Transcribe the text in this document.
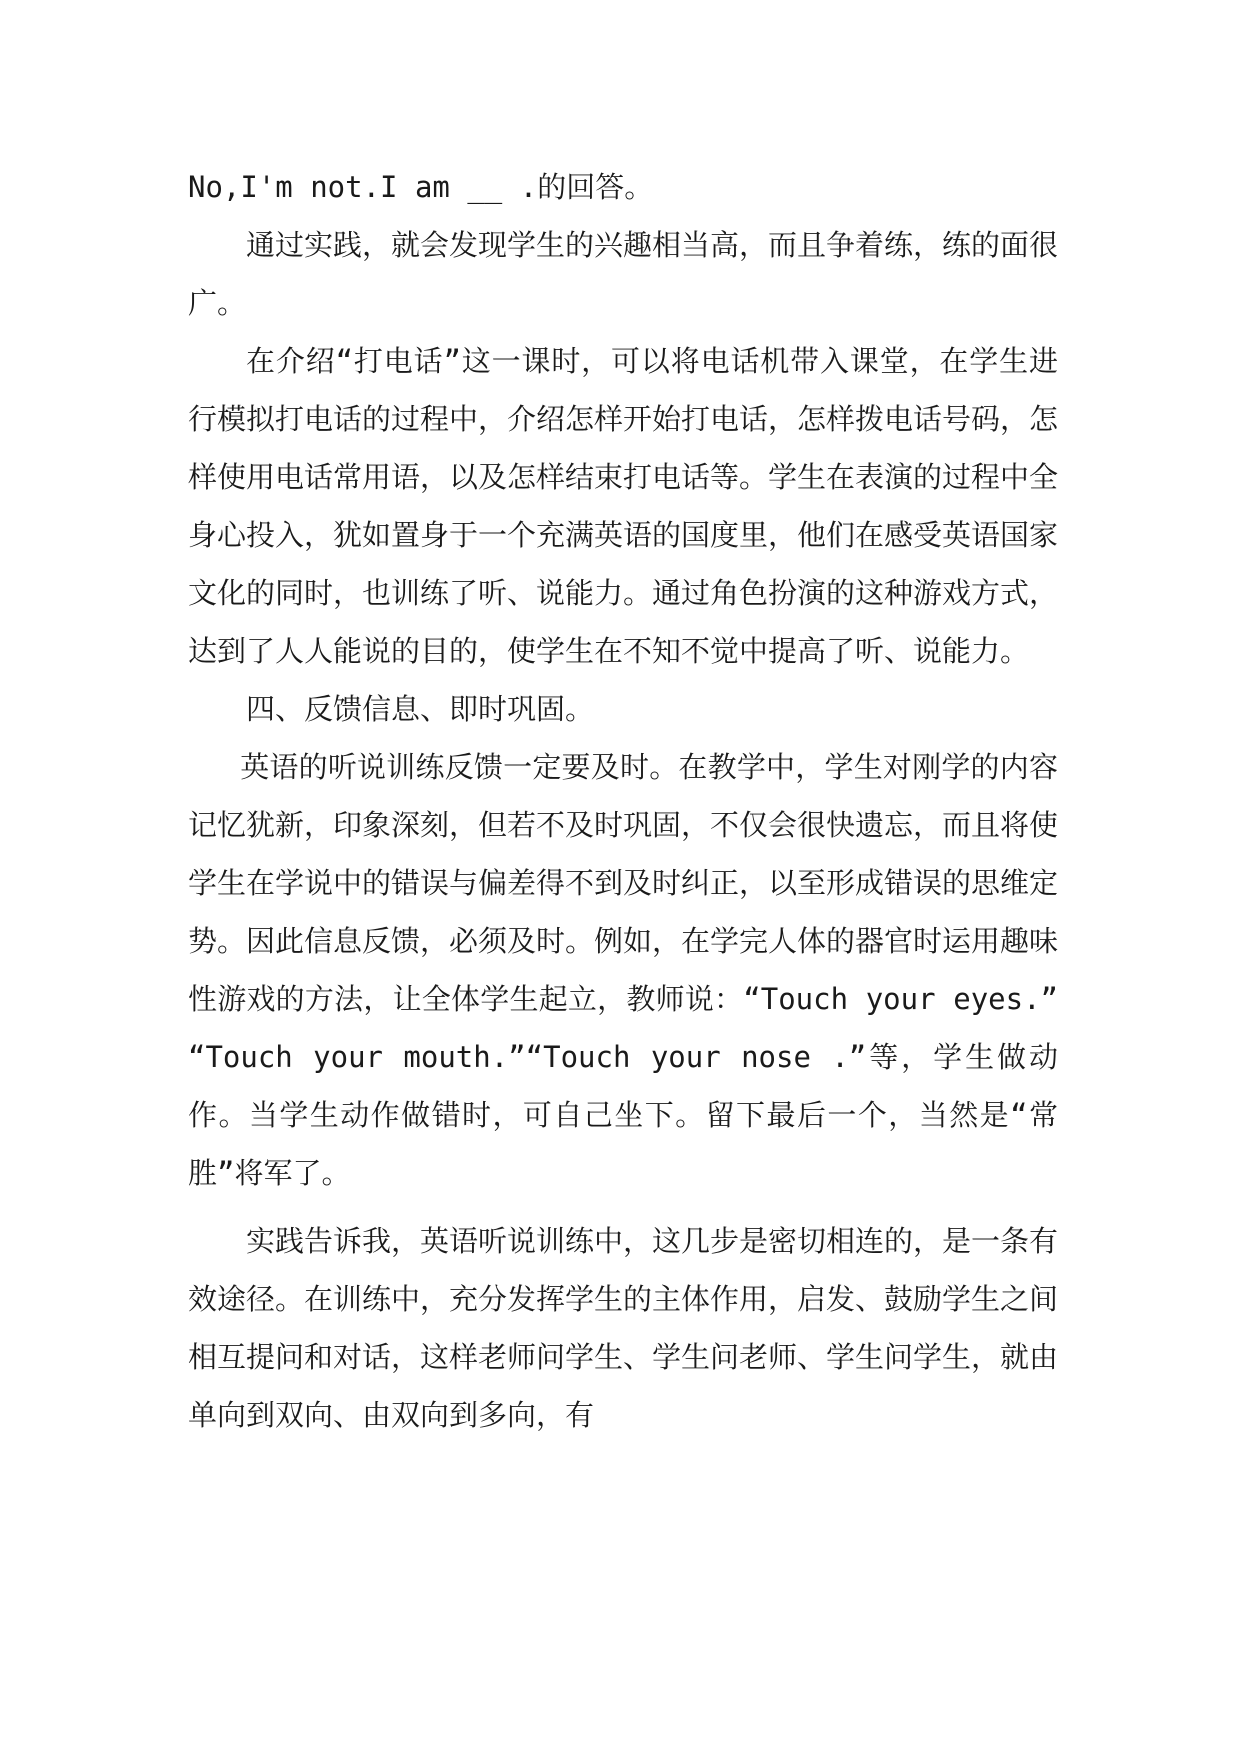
No,I'm not.I am __ .的回答。

通过实践，就会发现学生的兴趣相当高，而且争着练，练的面很广。

在介绍“打电话”这一课时，可以将电话机带入课堂，在学生进行模拟打电话的过程中，介绍怎样开始打电话，怎样拨电话号码，怎样使用电话常用语，以及怎样结束打电话等。学生在表演的过程中全身心投入，犹如置身于一个充满英语的国度里，他们在感受英语国家文化的同时，也训练了听、说能力。通过角色扮演的这种游戏方式，达到了人人能说的目的，使学生在不知不觉中提高了听、说能力。

四、反馈信息、即时巩固。

英语的听说训练反馈一定要及时。在教学中，学生对刚学的内容记忆犹新，印象深刻，但若不及时巩固，不仅会很快遗忘，而且将使学生在学说中的错误与偏差得不到及时纠正，以至形成错误的思维定势。因此信息反馈，必须及时。例如，在学完人体的器官时运用趣味性游戏的方法，让全体学生起立，教师说：“Touch your eyes.” “Touch your mouth.”“Touch your nose .”等，学生做动作。当学生动作做错时，可自己坐下。留下最后一个，当然是“常胜”将军了。

实践告诉我，英语听说训练中，这几步是密切相连的，是一条有效途径。在训练中，充分发挥学生的主体作用，启发、鼓励学生之间相互提问和对话，这样老师问学生、学生问老师、学生问学生，就由单向到双向、由双向到多向，有
